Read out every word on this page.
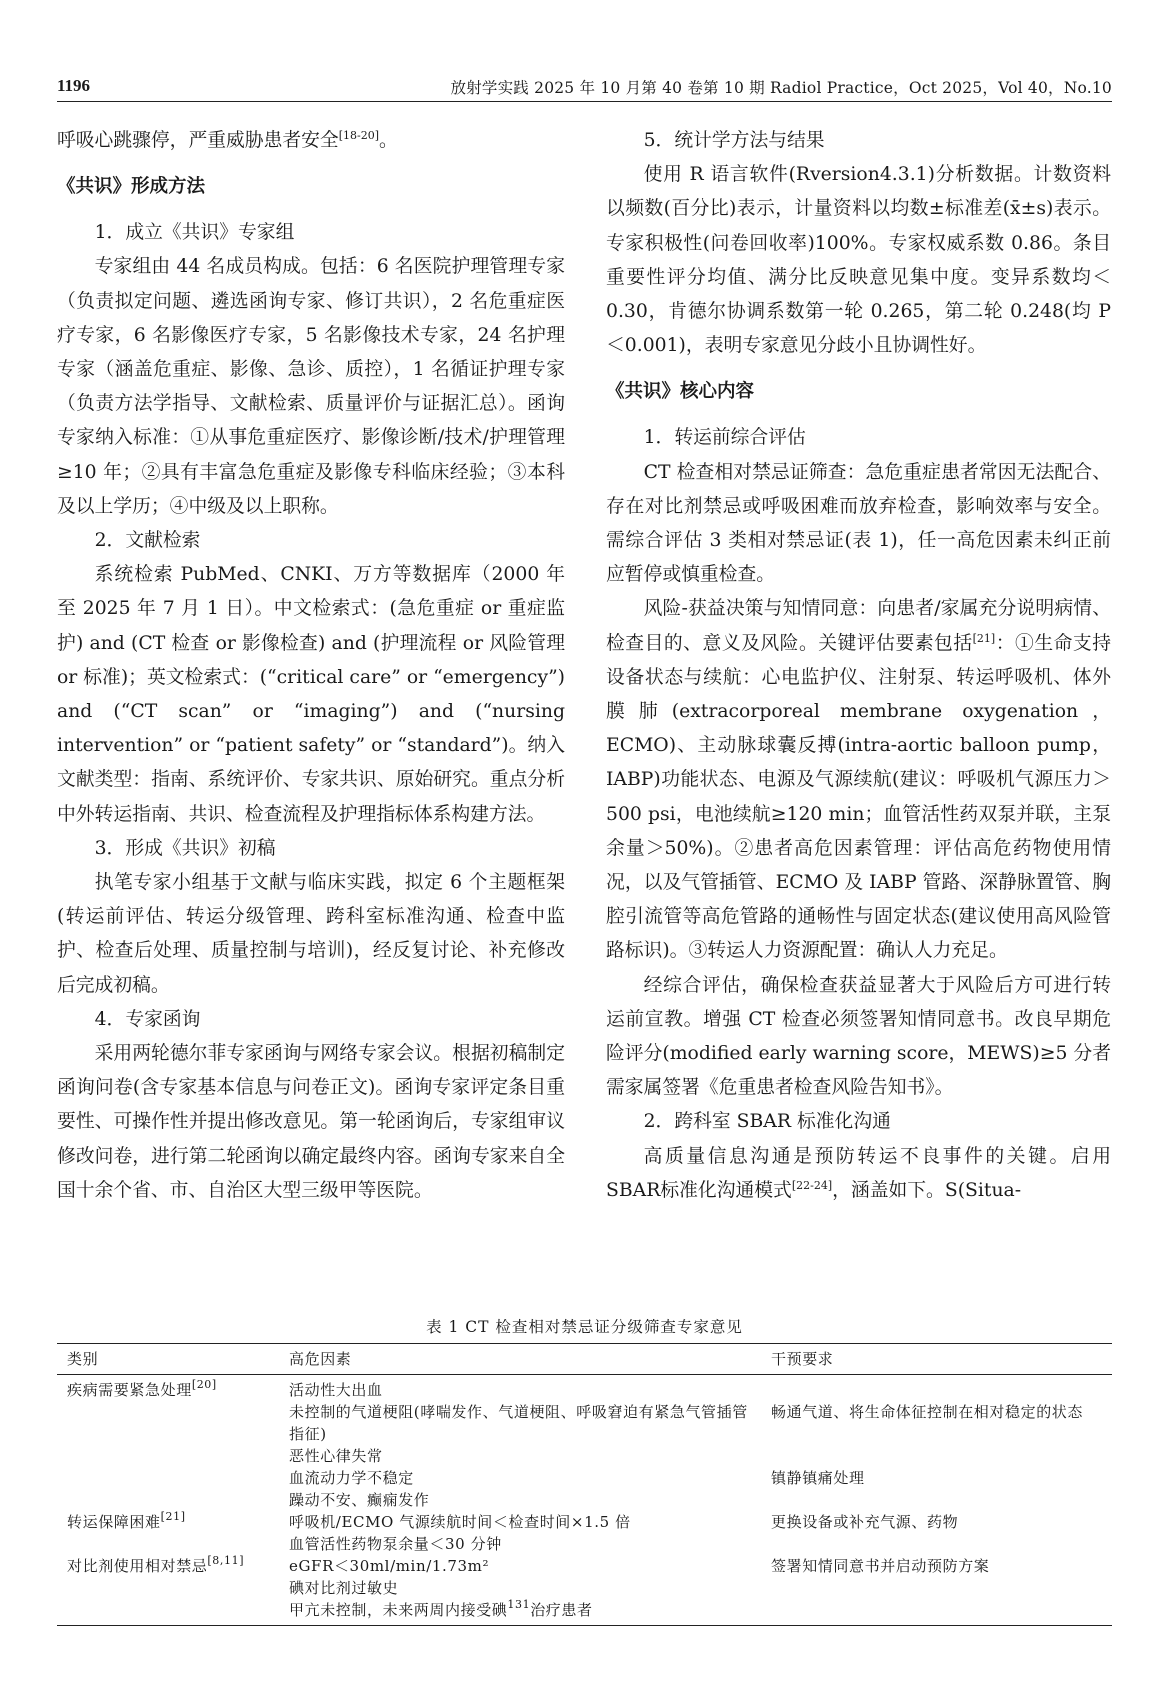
1196	放射学实践 2025 年 10 月第 40 卷第 10 期 Radiol Practice，Oct 2025，Vol 40，No.10

呼吸心跳骤停，严重威胁患者安全[18-20]。

《共识》形成方法
1．成立《共识》专家组

专家组由 44 名成员构成。包括：6 名医院护理管理专家（负责拟定问题、遴选函询专家、修订共识），2 名危重症医疗专家，6 名影像医疗专家，5 名影像技术专家，24 名护理专家（涵盖危重症、影像、急诊、质控），1 名循证护理专家（负责方法学指导、文献检索、质量评价与证据汇总）。函询专家纳入标准：①从事危重症医疗、影像诊断/技术/护理管理≥10 年；②具有丰富急危重症及影像专科临床经验；③本科及以上学历；④中级及以上职称。

2．文献检索

系统检索 PubMed、CNKI、万方等数据库（2000 年至 2025 年 7 月 1 日）。中文检索式：(急危重症 or 重症监护) and (CT 检查 or 影像检查) and (护理流程 or 风险管理 or 标准)；英文检索式：(“critical care” or “emergency”) and (“CT scan” or “imaging”) and (“nursing intervention” or “patient safety” or “standard”)。纳入文献类型：指南、系统评价、专家共识、原始研究。重点分析中外转运指南、共识、检查流程及护理指标体系构建方法。

3．形成《共识》初稿

执笔专家小组基于文献与临床实践，拟定 6 个主题框架(转运前评估、转运分级管理、跨科室标准沟通、检查中监护、检查后处理、质量控制与培训)，经反复讨论、补充修改后完成初稿。

4．专家函询

采用两轮德尔菲专家函询与网络专家会议。根据初稿制定函询问卷(含专家基本信息与问卷正文)。函询专家评定条目重要性、可操作性并提出修改意见。第一轮函询后，专家组审议修改问卷，进行第二轮函询以确定最终内容。函询专家来自全国十余个省、市、自治区大型三级甲等医院。

5．统计学方法与结果

使用 R 语言软件(Rversion4.3.1)分析数据。计数资料以频数(百分比)表示，计量资料以均数±标准差(x̄±s)表示。专家积极性(问卷回收率)100%。专家权威系数 0.86。条目重要性评分均值、满分比反映意见集中度。变异系数均＜0.30，肯德尔协调系数第一轮 0.265，第二轮 0.248(均 P＜0.001)，表明专家意见分歧小且协调性好。

《共识》核心内容
1．转运前综合评估

CT 检查相对禁忌证筛查：急危重症患者常因无法配合、存在对比剂禁忌或呼吸困难而放弃检查，影响效率与安全。需综合评估 3 类相对禁忌证(表 1)，任一高危因素未纠正前应暂停或慎重检查。

风险-获益决策与知情同意：向患者/家属充分说明病情、检查目的、意义及风险。关键评估要素包括[21]：①生命支持设备状态与续航：心电监护仪、注射泵、转运呼吸机、体外膜肺(extracorporeal membrane oxygenation，ECMO)、主动脉球囊反搏(intra-aortic balloon pump，IABP)功能状态、电源及气源续航(建议：呼吸机气源压力＞500 psi，电池续航≥120 min；血管活性药双泵并联，主泵余量＞50%)。②患者高危因素管理：评估高危药物使用情况，以及气管插管、ECMO 及 IABP 管路、深静脉置管、胸腔引流管等高危管路的通畅性与固定状态(建议使用高风险管路标识)。③转运人力资源配置：确认人力充足。

经综合评估，确保检查获益显著大于风险后方可进行转运前宣教。增强 CT 检查必须签署知情同意书。改良早期危险评分(modified early warning score，MEWS)≥5 分者需家属签署《危重患者检查风险告知书》。

2．跨科室 SBAR 标准化沟通

高质量信息沟通是预防转运不良事件的关键。启用SBAR标准化沟通模式[22-24]，涵盖如下。S(Situa-

表 1 CT 检查相对禁忌证分级筛查专家意见
类别	高危因素	干预要求
疾病需要紧急处理[20]	活动性大出血	
	未控制的气道梗阻(哮喘发作、气道梗阻、呼吸窘迫有紧急气管插管指征)	畅通气道、将生命体征控制在相对稳定的状态
	恶性心律失常	
	血流动力学不稳定	镇静镇痛处理
	躁动不安、癫痫发作	
转运保障困难[21]	呼吸机/ECMO 气源续航时间＜检查时间×1.5 倍	更换设备或补充气源、药物
	血管活性药物泵余量＜30 分钟	
对比剂使用相对禁忌[8,11]	eGFR＜30ml/min/1.73m²	签署知情同意书并启动预防方案
	碘对比剂过敏史	
	甲亢未控制，未来两周内接受碘$^{131}$治疗患者	
